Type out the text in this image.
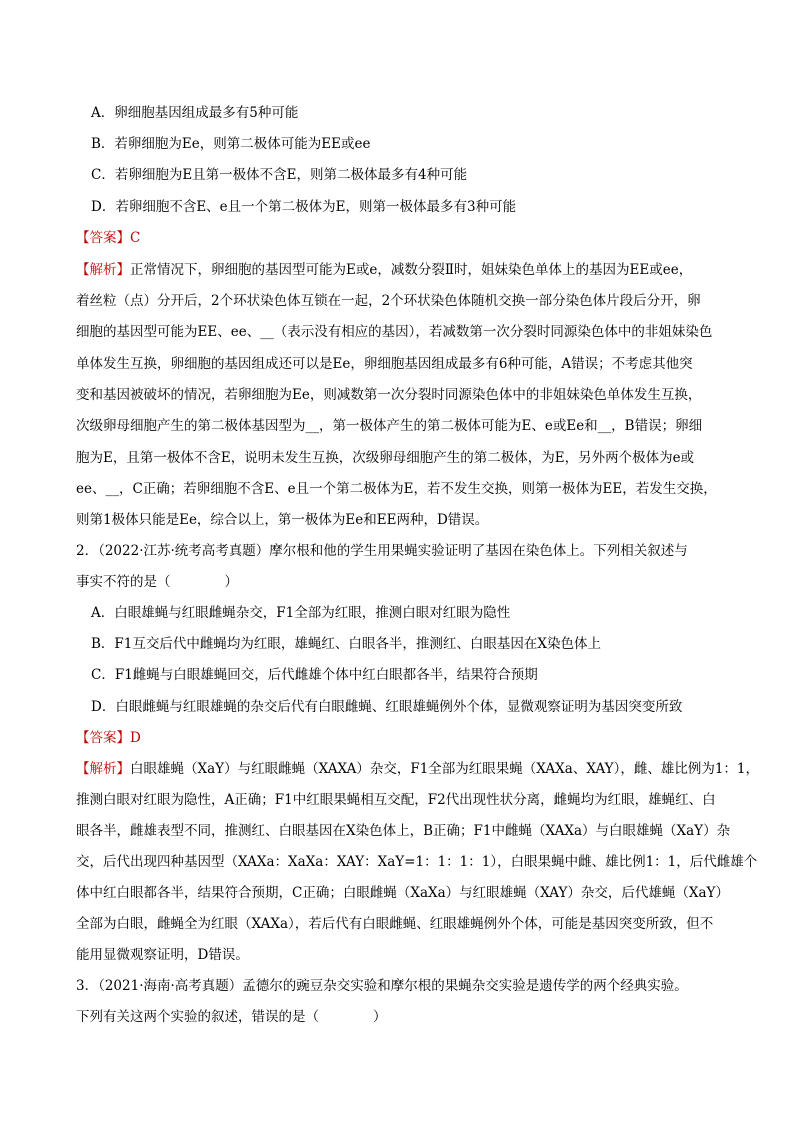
A．卵细胞基因组成最多有5种可能
B．若卵细胞为Ee，则第二极体可能为EE或ee
C．若卵细胞为E且第一极体不含E，则第二极体最多有4种可能
D．若卵细胞不含E、e且一个第二极体为E，则第一极体最多有3种可能
【答案】C
【解析】正常情况下，卵细胞的基因型可能为E或e，减数分裂Ⅱ时，姐妹染色单体上的基因为EE或ee，
着丝粒（点）分开后，2个环状染色体互锁在一起，2个环状染色体随机交换一部分染色体片段后分开，卵
细胞的基因型可能为EE、ee、__（表示没有相应的基因），若减数第一次分裂时同源染色体中的非姐妹染色
单体发生互换，卵细胞的基因组成还可以是Ee，卵细胞基因组成最多有6种可能，A错误；不考虑其他突
变和基因被破坏的情况，若卵细胞为Ee，则减数第一次分裂时同源染色体中的非姐妹染色单体发生互换，
次级卵母细胞产生的第二极体基因型为__，第一极体产生的第二极体可能为E、e或Ee和__，B错误；卵细
胞为E，且第一极体不含E，说明未发生互换，次级卵母细胞产生的第二极体，为E，另外两个极体为e或
ee、__，C正确；若卵细胞不含E、e且一个第二极体为E，若不发生交换，则第一极体为EE，若发生交换，
则第1极体只能是Ee，综合以上，第一极体为Ee和EE两种，D错误。
2．（2022·江苏·统考高考真题）摩尔根和他的学生用果蝇实验证明了基因在染色体上。下列相关叙述与
事实不符的是（　　　　）
A．白眼雄蝇与红眼雌蝇杂交，F1全部为红眼，推测白眼对红眼为隐性
B．F1互交后代中雌蝇均为红眼，雄蝇红、白眼各半，推测红、白眼基因在X染色体上
C．F1雌蝇与白眼雄蝇回交，后代雌雄个体中红白眼都各半，结果符合预期
D．白眼雌蝇与红眼雄蝇的杂交后代有白眼雌蝇、红眼雄蝇例外个体，显微观察证明为基因突变所致
【答案】D
【解析】白眼雄蝇（XaY）与红眼雌蝇（XAXA）杂交，F1全部为红眼果蝇（XAXa、XAY），雌、雄比例为1：1，
推测白眼对红眼为隐性，A正确；F1中红眼果蝇相互交配，F2代出现性状分离，雌蝇均为红眼，雄蝇红、白
眼各半，雌雄表型不同，推测红、白眼基因在X染色体上，B正确；F1中雌蝇（XAXa）与白眼雄蝇（XaY）杂
交，后代出现四种基因型（XAXa：XaXa：XAY：XaY=1：1：1：1），白眼果蝇中雌、雄比例1：1，后代雌雄个
体中红白眼都各半，结果符合预期，C正确；白眼雌蝇（XaXa）与红眼雄蝇（XAY）杂交，后代雄蝇（XaY）
全部为白眼，雌蝇全为红眼（XAXa），若后代有白眼雌蝇、红眼雄蝇例外个体，可能是基因突变所致，但不
能用显微观察证明，D错误。
3．（2021·海南·高考真题）孟德尔的豌豆杂交实验和摩尔根的果蝇杂交实验是遗传学的两个经典实验。
下列有关这两个实验的叙述，错误的是（　　　　）
